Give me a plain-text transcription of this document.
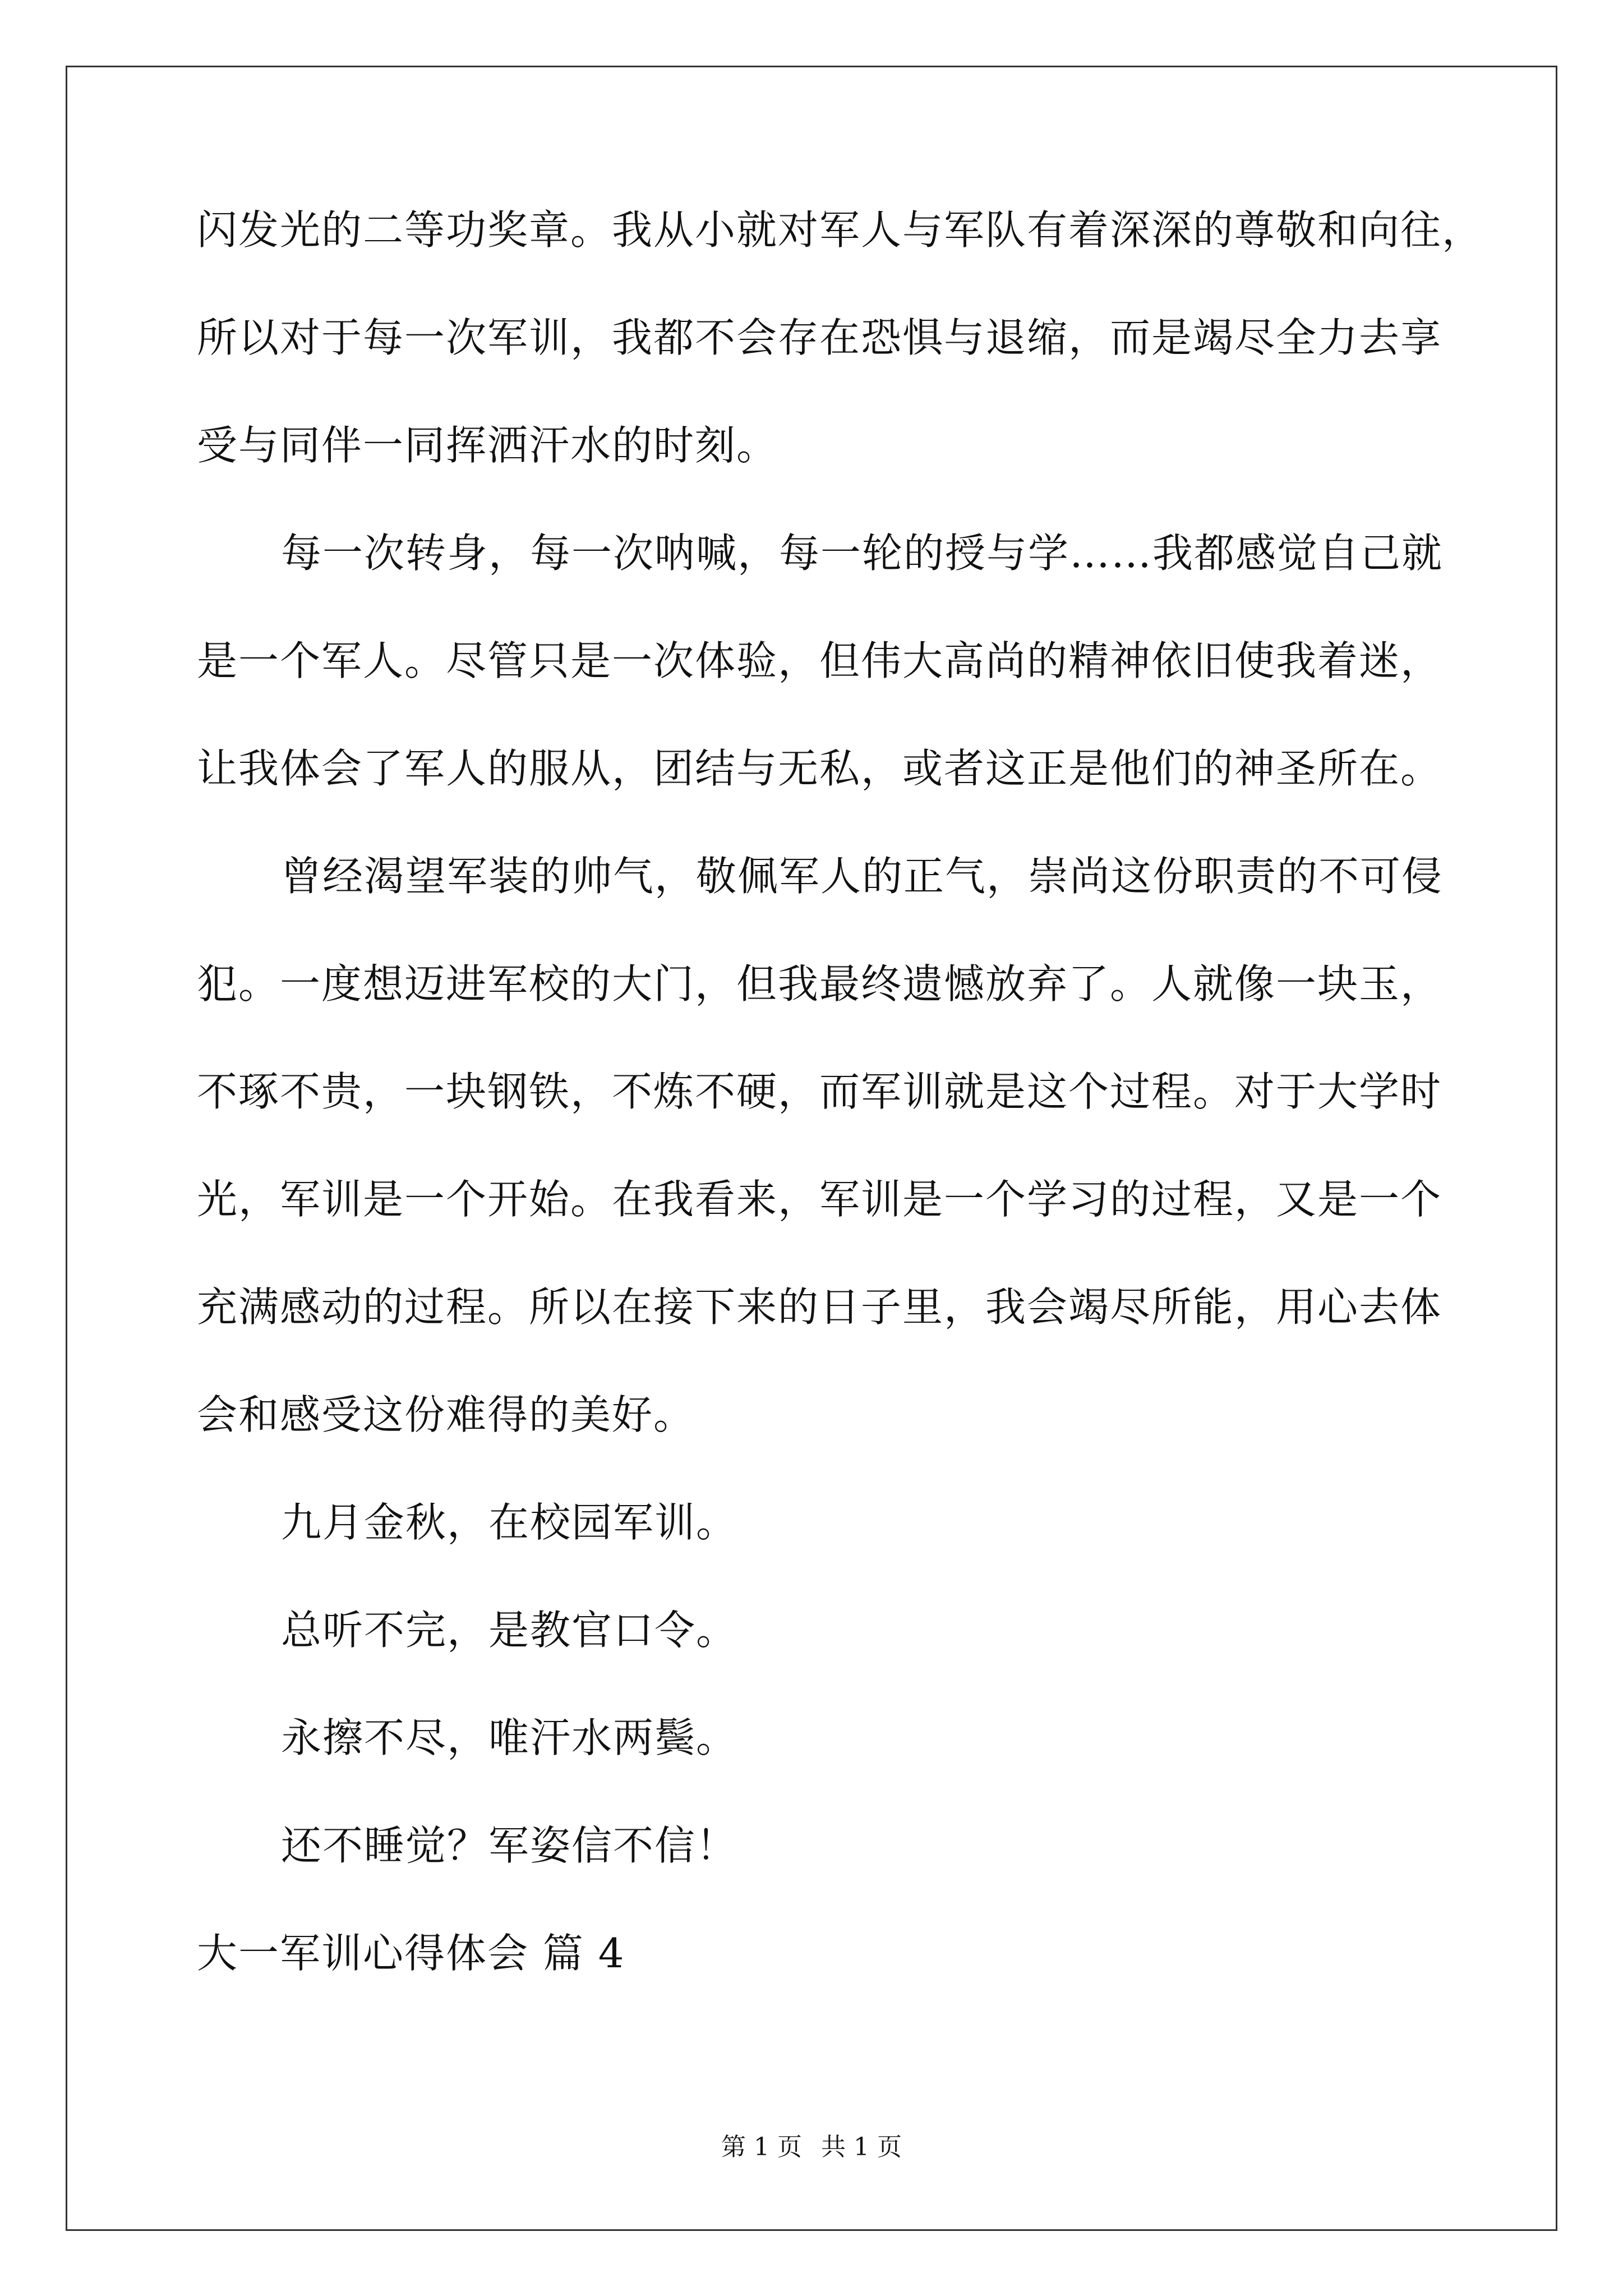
闪发光的二等功奖章。我从小就对军人与军队有着深深的尊敬和向往，
所以对于每一次军训，我都不会存在恐惧与退缩，而是竭尽全力去享
受与同伴一同挥洒汗水的时刻。
每一次转身，每一次呐喊，每一轮的授与学……我都感觉自己就
是一个军人。尽管只是一次体验，但伟大高尚的精神依旧使我着迷，
让我体会了军人的服从，团结与无私，或者这正是他们的神圣所在。
曾经渴望军装的帅气，敬佩军人的正气，崇尚这份职责的不可侵
犯。一度想迈进军校的大门，但我最终遗憾放弃了。人就像一块玉，
不琢不贵，一块钢铁，不炼不硬，而军训就是这个过程。对于大学时
光，军训是一个开始。在我看来，军训是一个学习的过程，又是一个
充满感动的过程。所以在接下来的日子里，我会竭尽所能，用心去体
会和感受这份难得的美好。
九月金秋，在校园军训。
总听不完，是教官口令。
永擦不尽，唯汗水两鬓。
还不睡觉？军姿信不信！
大一军训心得体会 篇 4
第 1 页 共 1 页
